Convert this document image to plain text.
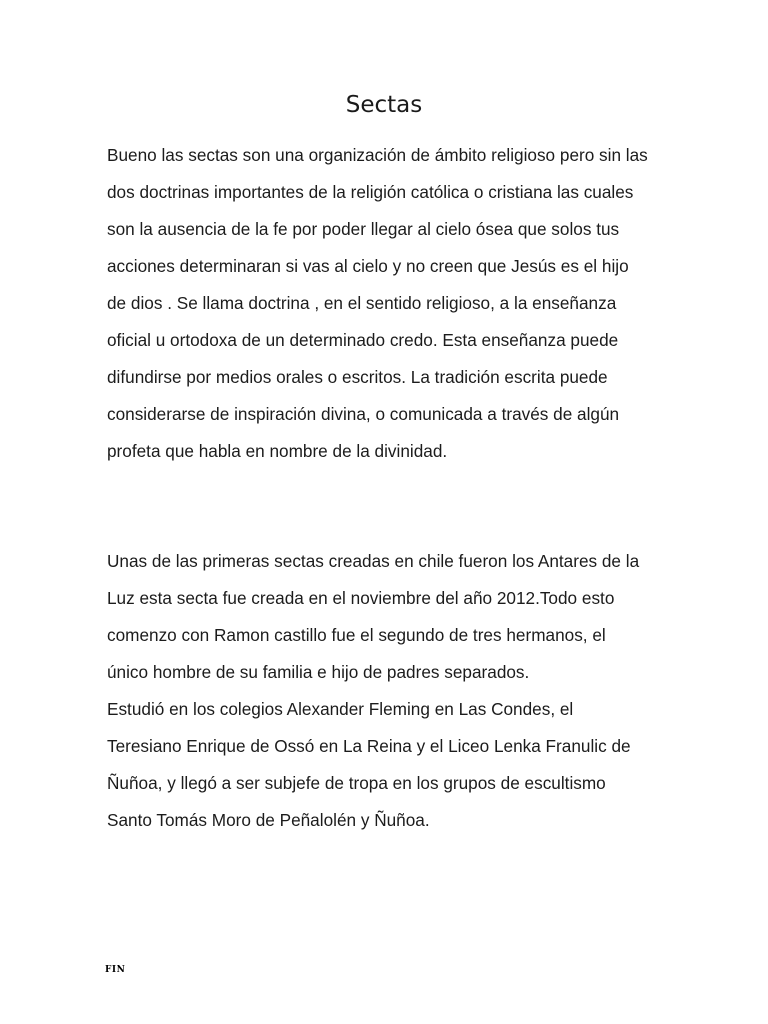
Sectas
Bueno las sectas son una organización de ámbito religioso pero sin las
dos doctrinas importantes de la religión católica o cristiana las cuales
son la ausencia de la fe por poder llegar al cielo ósea que solos tus
acciones determinaran si vas al cielo y no creen que Jesús es el hijo
de dios . Se llama doctrina , en el sentido religioso, a la enseñanza
oficial u ortodoxa de un determinado credo. Esta enseñanza puede
difundirse por medios orales o escritos. La tradición escrita puede
considerarse de inspiración divina, o comunicada a través de algún
profeta que habla en nombre de la divinidad.
Unas de las primeras sectas creadas en chile fueron los Antares de la
Luz esta secta fue creada en el noviembre del año 2012.Todo esto
comenzo con Ramon castillo fue el segundo de tres hermanos, el
único hombre de su familia e hijo de padres separados.
Estudió en los colegios Alexander Fleming en Las Condes, el
Teresiano Enrique de Ossó en La Reina y el Liceo Lenka Franulic de
Ñuñoa, y llegó a ser subjefe de tropa en los grupos de escultismo
Santo Tomás Moro de Peñalolén y Ñuñoa.
FIN
